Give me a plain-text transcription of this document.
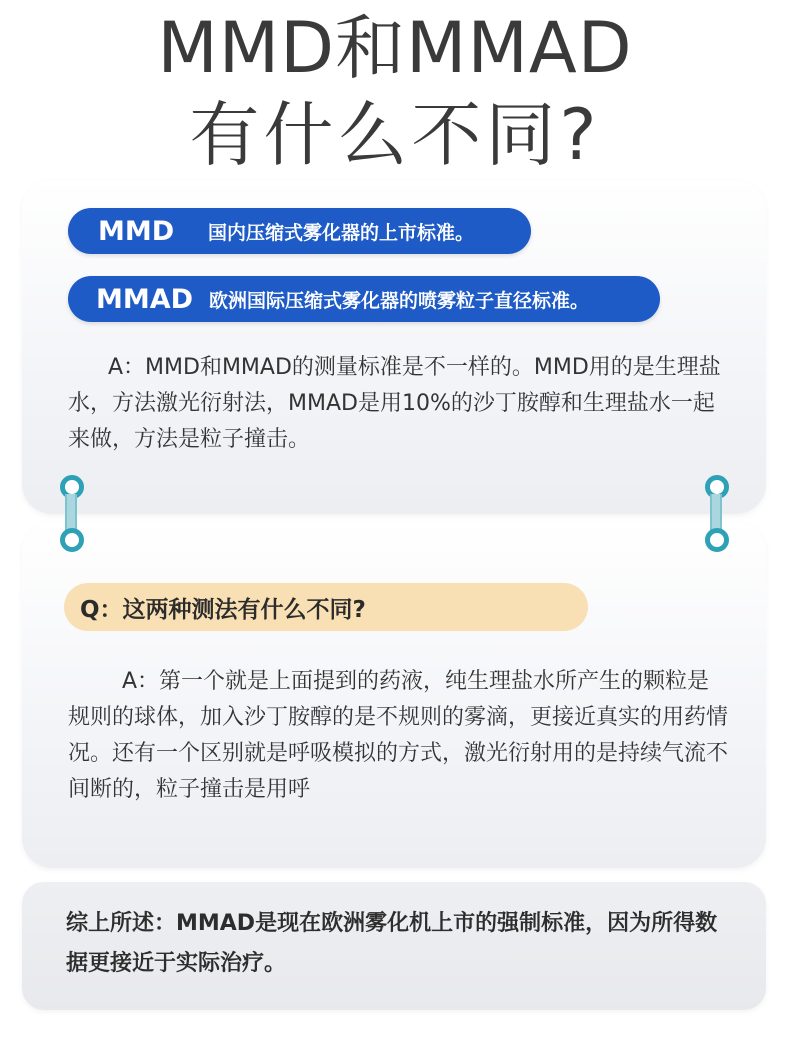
MMD和MMAD
有什么不同?
MMD	国内压缩式雾化器的上市标准。
MMAD 欧洲国际压缩式雾化器的喷雾粒子直径标准。
A：MMD和MMAD的测量标准是不一样的。MMD用的是生理盐水，方法激光衍射法，MMAD是用10%的沙丁胺醇和生理盐水一起来做，方法是粒子撞击。
Q：这两种测法有什么不同?
A：第一个就是上面提到的药液，纯生理盐水所产生的颗粒是规则的球体，加入沙丁胺醇的是不规则的雾滴，更接近真实的用药情况。还有一个区别就是呼吸模拟的方式，激光衍射用的是持续气流不间断的，粒子撞击是用呼
综上所述：MMAD是现在欧洲雾化机上市的强制标准，因为所得数据更接近于实际治疗。
